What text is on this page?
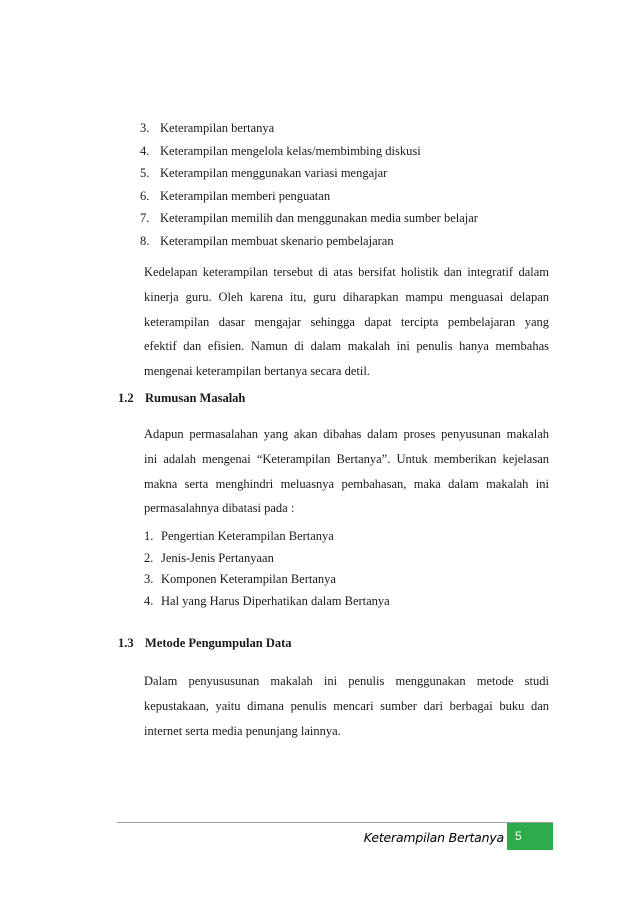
3. Keterampilan bertanya
4. Keterampilan mengelola kelas/membimbing diskusi
5. Keterampilan menggunakan variasi mengajar
6. Keterampilan memberi penguatan
7. Keterampilan memilih dan menggunakan media sumber belajar
8. Keterampilan membuat skenario pembelajaran

Kedelapan keterampilan tersebut di atas bersifat holistik dan integratif dalam
kinerja guru. Oleh karena itu, guru diharapkan mampu menguasai delapan
keterampilan dasar mengajar sehingga dapat tercipta pembelajaran yang
efektif dan efisien. Namun di dalam makalah ini penulis hanya membahas
mengenai keterampilan bertanya secara detil.

1.2 Rumusan Masalah

Adapun permasalahan yang akan dibahas dalam proses penyusunan makalah
ini adalah mengenai “Keterampilan Bertanya”. Untuk memberikan kejelasan
makna serta menghindri meluasnya pembahasan, maka dalam makalah ini
permasalahnya dibatasi pada :

1. Pengertian Keterampilan Bertanya
2. Jenis-Jenis Pertanyaan
3. Komponen Keterampilan Bertanya
4. Hal yang Harus Diperhatikan dalam Bertanya
1.3 Metode Pengumpulan Data

Dalam penyususunan makalah ini penulis menggunakan metode studi
kepustakaan, yaitu dimana penulis mencari sumber dari berbagai buku dan
internet serta media penunjang lainnya.

Keterampilan Bertanya 5
